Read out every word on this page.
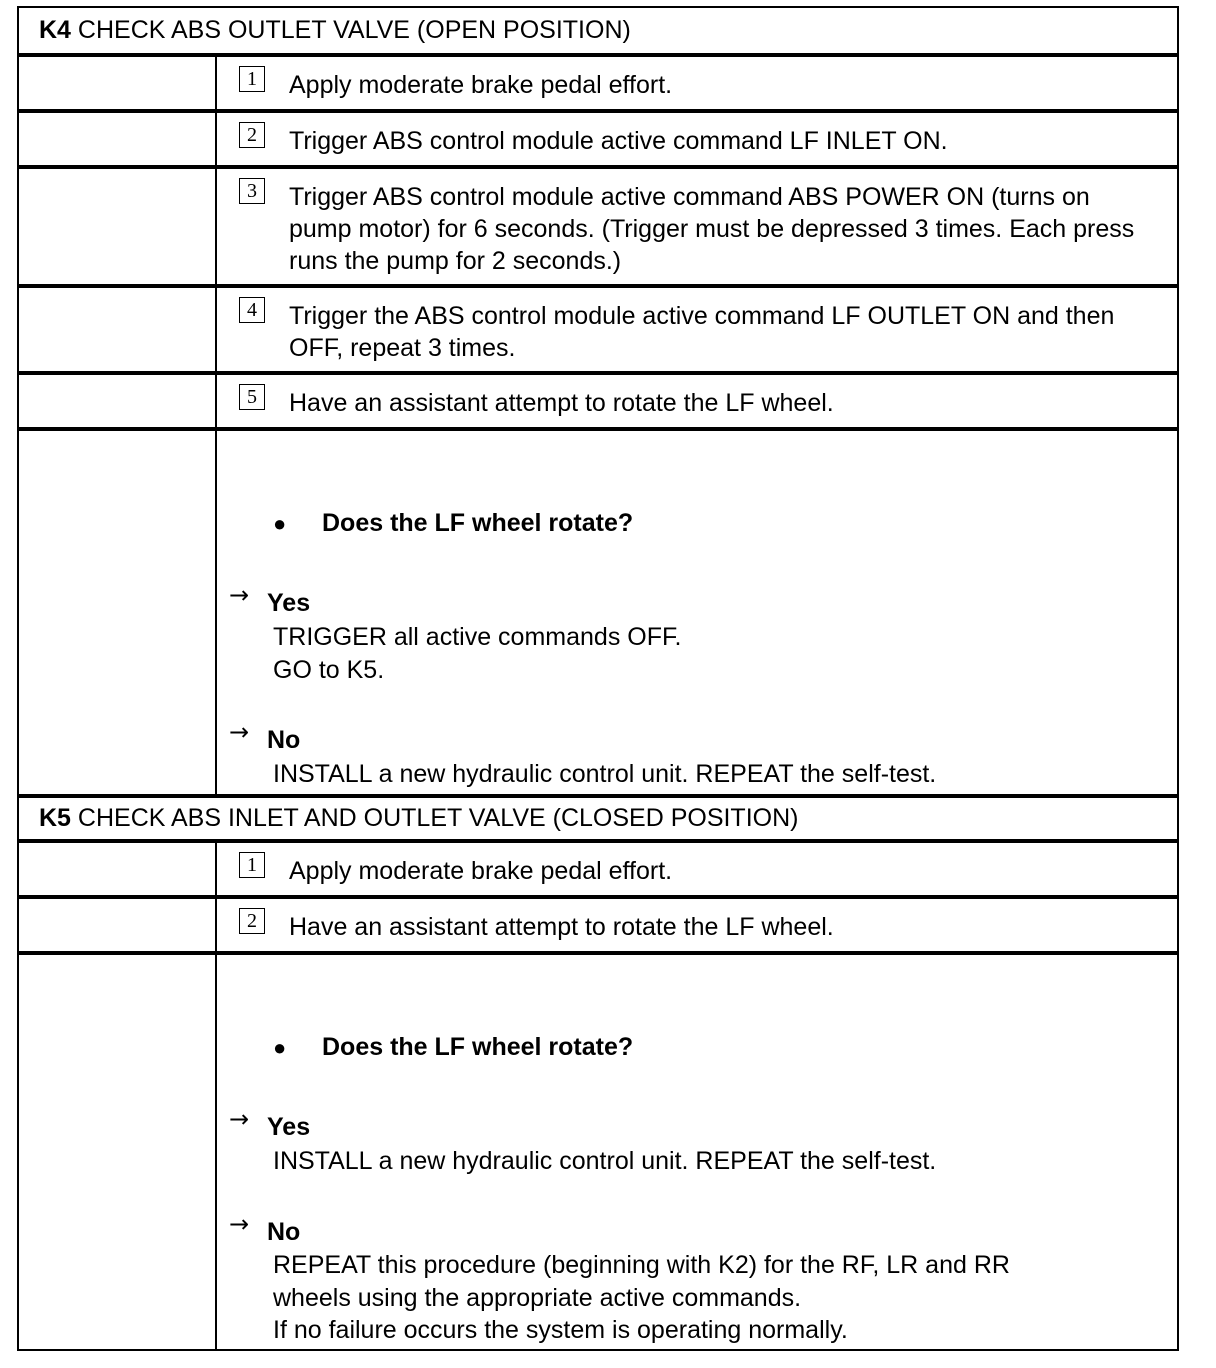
K4 CHECK ABS OUTLET VALVE (OPEN POSITION)
1	Apply moderate brake pedal effort.
2	Trigger ABS control module active command LF INLET ON.
3	Trigger ABS control module active command ABS POWER ON (turns on pump motor) for 6 seconds. (Trigger must be depressed 3 times. Each press runs the pump for 2 seconds.)
4	Trigger the ABS control module active command LF OUTLET ON and then OFF, repeat 3 times.
5	Have an assistant attempt to rotate the LF wheel.
● Does the LF wheel rotate?
→ Yes
TRIGGER all active commands OFF.
GO to K5.
→ No
INSTALL a new hydraulic control unit. REPEAT the self-test.
K5 CHECK ABS INLET AND OUTLET VALVE (CLOSED POSITION)
1	Apply moderate brake pedal effort.
2	Have an assistant attempt to rotate the LF wheel.
● Does the LF wheel rotate?
→ Yes
INSTALL a new hydraulic control unit. REPEAT the self-test.
→ No
REPEAT this procedure (beginning with K2) for the RF, LR and RR
wheels using the appropriate active commands.
If no failure occurs the system is operating normally.
